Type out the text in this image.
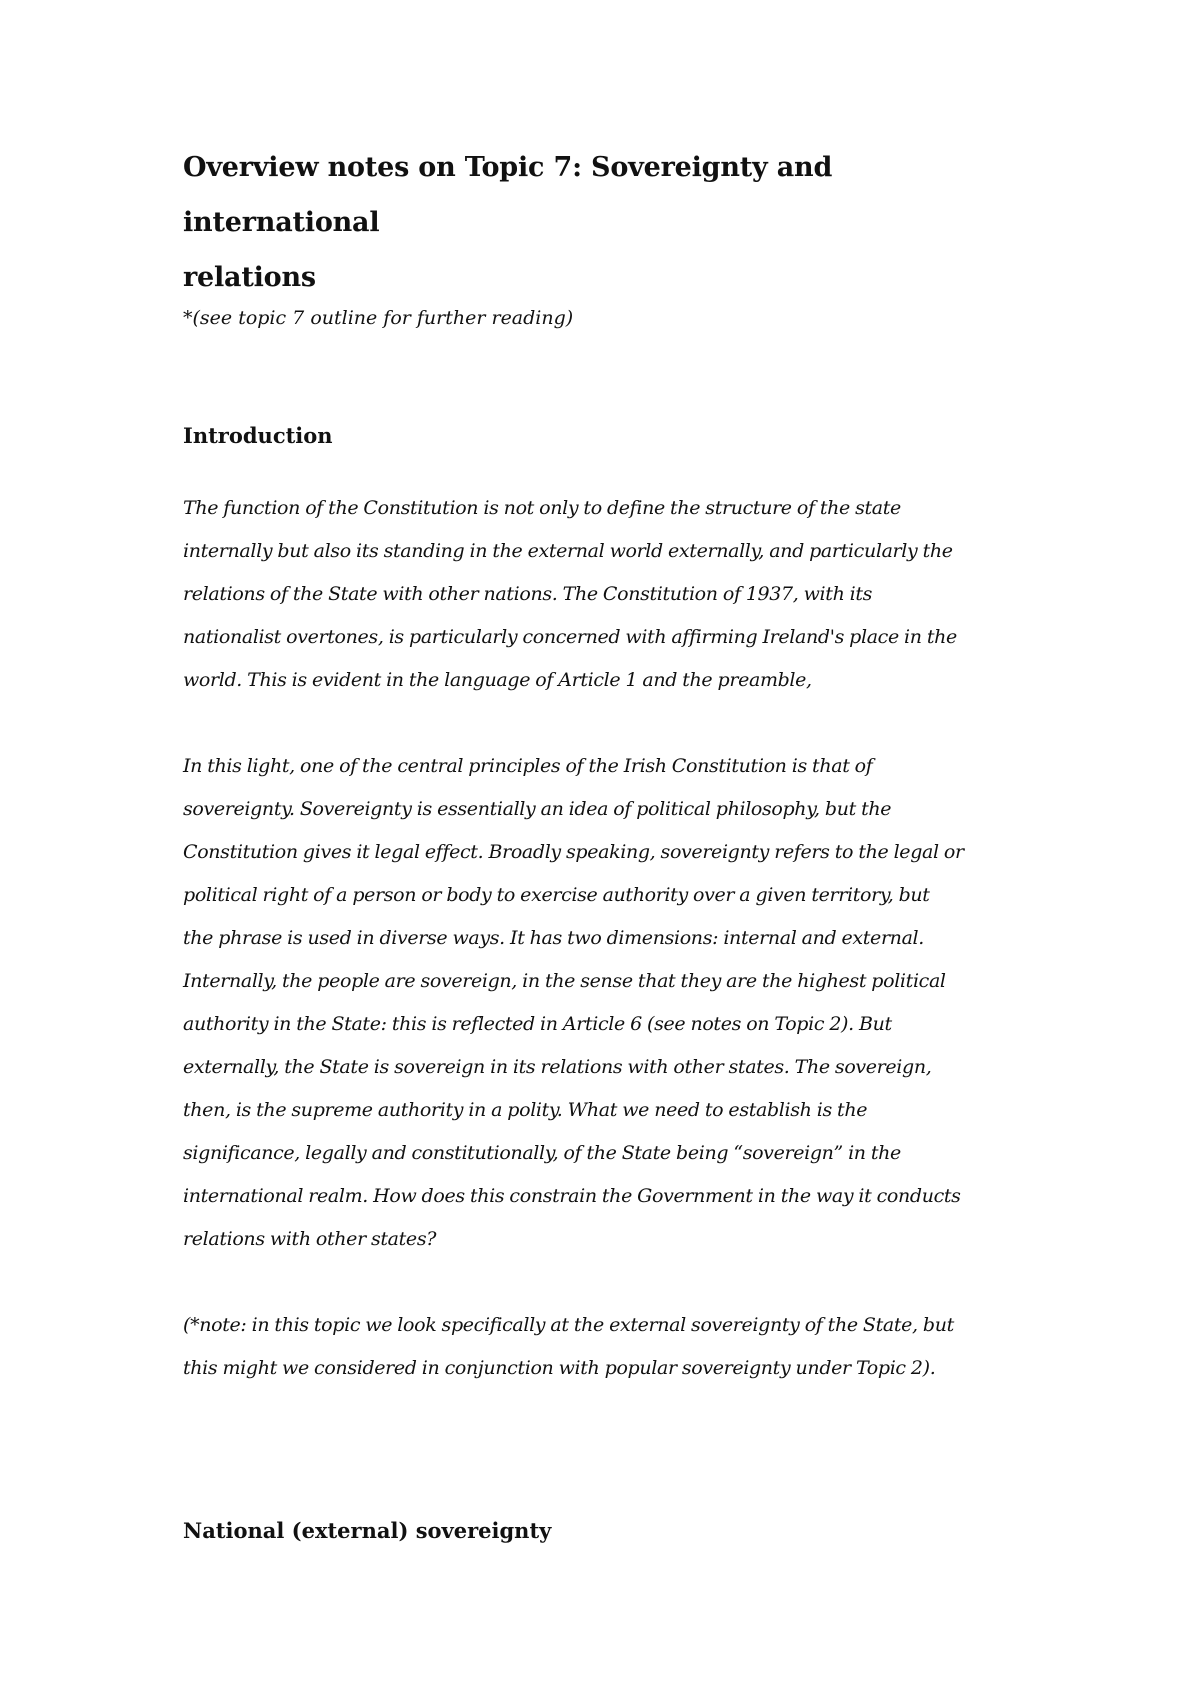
Overview notes on Topic 7: Sovereignty and international
relations

*(see topic 7 outline for further reading)

Introduction

The function of the Constitution is not only to define the structure of the state
internally but also its standing in the external world externally, and particularly the
relations of the State with other nations. The Constitution of 1937, with its
nationalist overtones, is particularly concerned with affirming Ireland's place in the
world. This is evident in the language of Article 1 and the preamble,

In this light, one of the central principles of the Irish Constitution is that of
sovereignty. Sovereignty is essentially an idea of political philosophy, but the
Constitution gives it legal effect. Broadly speaking, sovereignty refers to the legal or
political right of a person or body to exercise authority over a given territory, but
the phrase is used in diverse ways. It has two dimensions: internal and external.
Internally, the people are sovereign, in the sense that they are the highest political
authority in the State: this is reflected in Article 6 (see notes on Topic 2). But
externally, the State is sovereign in its relations with other states. The sovereign,
then, is the supreme authority in a polity. What we need to establish is the
significance, legally and constitutionally, of the State being “sovereign” in the
international realm. How does this constrain the Government in the way it conducts
relations with other states?

(*note: in this topic we look specifically at the external sovereignty of the State, but
this might we considered in conjunction with popular sovereignty under Topic 2).

National (external) sovereignty
